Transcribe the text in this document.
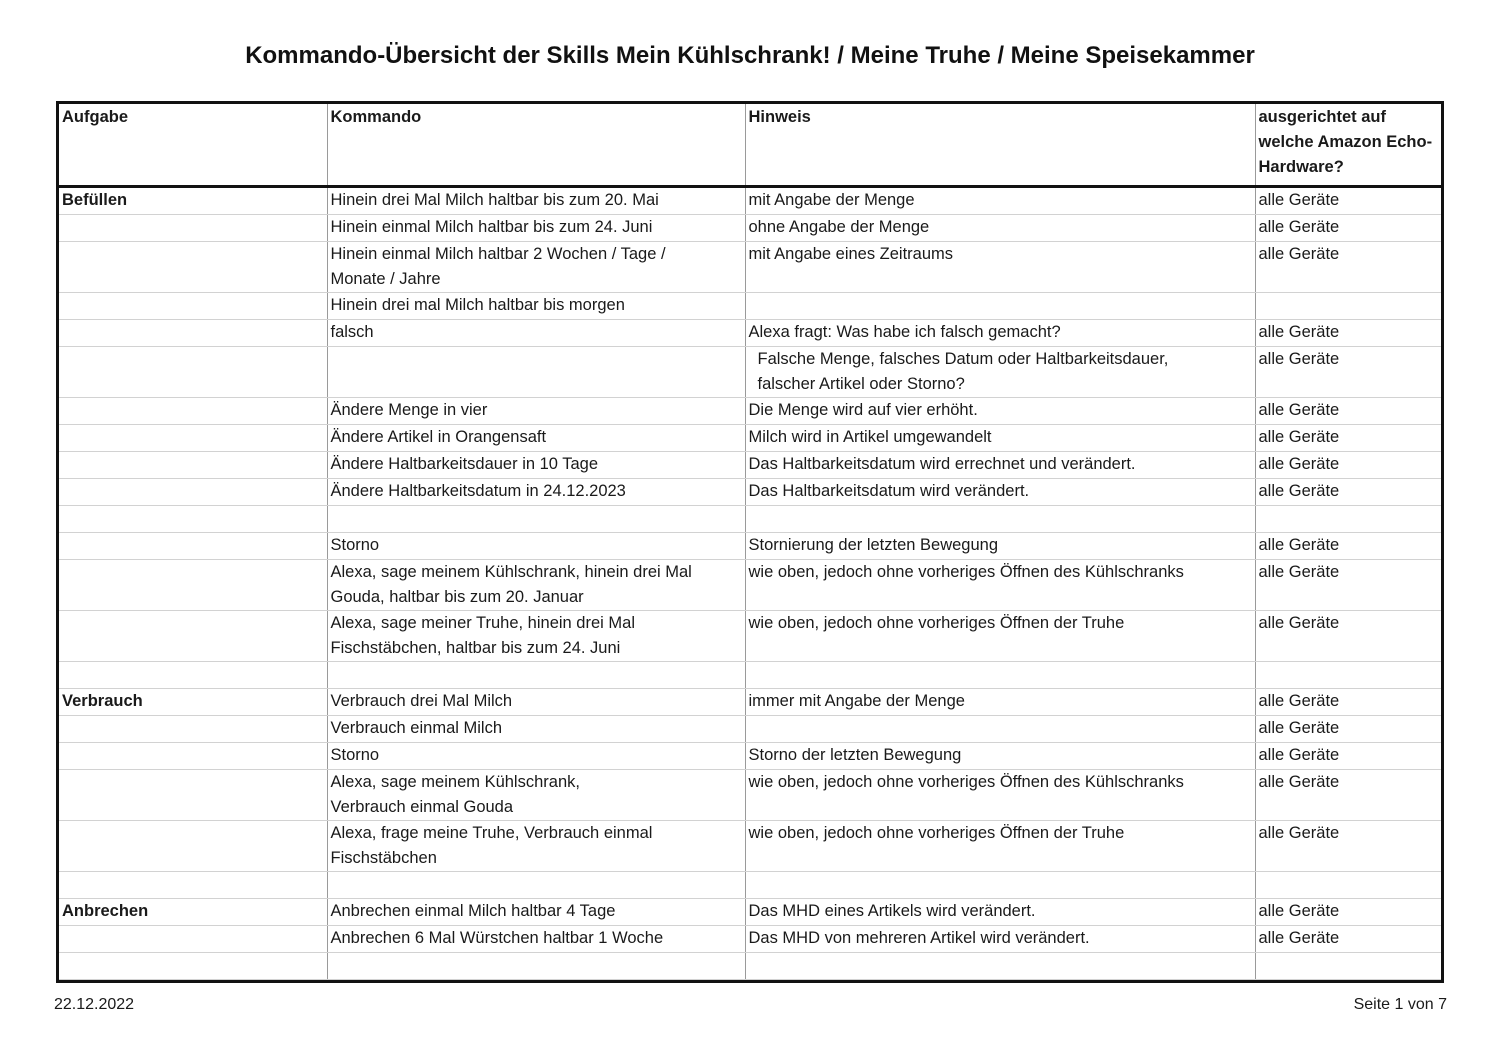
Kommando-Übersicht der Skills Mein Kühlschrank! / Meine Truhe / Meine Speisekammer
Aufgabe	Kommando	Hinweis	ausgerichtet auf
welche Amazon Echo-
Hardware?

Befüllen	Hinein drei Mal Milch haltbar bis zum 20. Mai	mit Angabe der Menge	alle Geräte
	Hinein einmal Milch haltbar bis zum 24. Juni	ohne Angabe der Menge	alle Geräte
	Hinein einmal Milch haltbar 2 Wochen / Tage /
Monate / Jahre	mit Angabe eines Zeitraums	alle Geräte
	Hinein drei mal Milch haltbar bis morgen		
	falsch	Alexa fragt: Was habe ich falsch gemacht?	alle Geräte
		Falsche Menge, falsches Datum oder Haltbarkeitsdauer,
falscher Artikel oder Storno?	alle Geräte
	Ändere Menge in vier	Die Menge wird auf vier erhöht.	alle Geräte
	Ändere Artikel in Orangensaft	Milch wird in Artikel umgewandelt	alle Geräte
	Ändere Haltbarkeitsdauer in 10 Tage	Das Haltbarkeitsdatum wird errechnet und verändert.	alle Geräte
	Ändere Haltbarkeitsdatum in 24.12.2023	Das Haltbarkeitsdatum wird verändert.	alle Geräte

	Storno	Stornierung der letzten Bewegung	alle Geräte
	Alexa, sage meinem Kühlschrank, hinein drei Mal
Gouda, haltbar bis zum 20. Januar	wie oben, jedoch ohne vorheriges Öffnen des Kühlschranks	alle Geräte
	Alexa, sage meiner Truhe, hinein drei Mal
Fischstäbchen, haltbar bis zum 24. Juni	wie oben, jedoch ohne vorheriges Öffnen der Truhe	alle Geräte

Verbrauch	Verbrauch drei Mal Milch	immer mit Angabe der Menge	alle Geräte
	Verbrauch einmal Milch		alle Geräte
	Storno	Storno der letzten Bewegung	alle Geräte
	Alexa, sage meinem Kühlschrank,
Verbrauch einmal Gouda	wie oben, jedoch ohne vorheriges Öffnen des Kühlschranks	alle Geräte
	Alexa, frage meine Truhe, Verbrauch einmal
Fischstäbchen	wie oben, jedoch ohne vorheriges Öffnen der Truhe	alle Geräte

Anbrechen	Anbrechen einmal Milch haltbar 4 Tage	Das MHD eines Artikels wird verändert.	alle Geräte
	Anbrechen 6 Mal Würstchen haltbar 1 Woche	Das MHD von mehreren Artikel wird verändert.	alle Geräte

22.12.2022	Seite 1 von 7
